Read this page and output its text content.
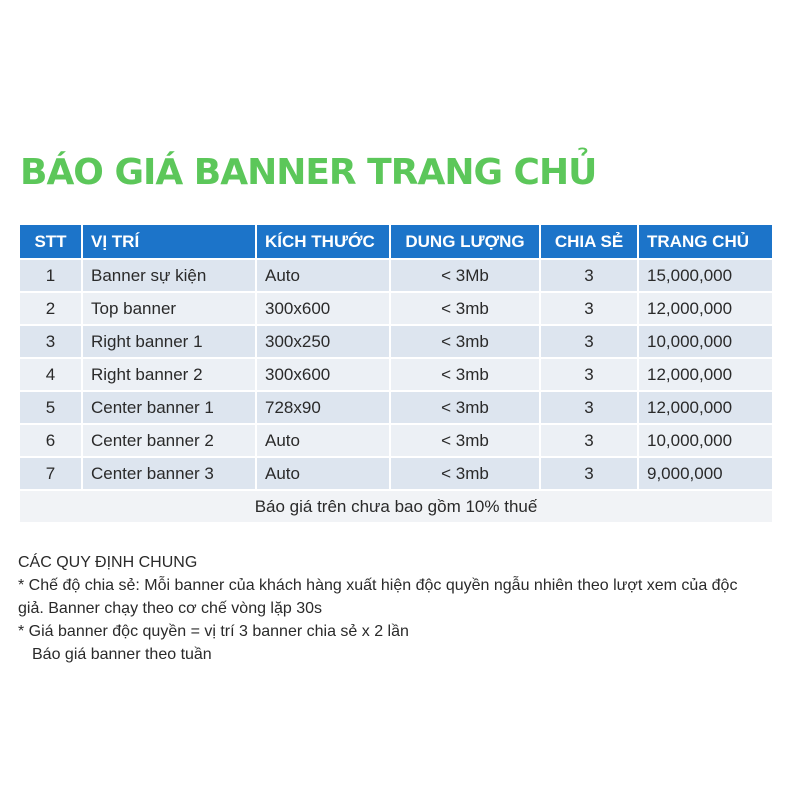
BÁO GIÁ BANNER TRANG CHỦ
STT	VỊ TRÍ	KÍCH THƯỚC	DUNG LƯỢNG	CHIA SẺ	TRANG CHỦ
1	Banner sự kiện	Auto	< 3Mb	3	15,000,000
2	Top banner	300x600	< 3mb	3	12,000,000
3	Right banner 1	300x250	< 3mb	3	10,000,000
4	Right banner 2	300x600	< 3mb	3	12,000,000
5	Center banner 1	728x90	< 3mb	3	12,000,000
6	Center banner 2	Auto	< 3mb	3	10,000,000
7	Center banner 3	Auto	< 3mb	3	9,000,000
Báo giá trên chưa bao gồm 10% thuế					
CÁC QUY ĐỊNH CHUNG
* Chế độ chia sẻ: Mỗi banner của khách hàng xuất hiện độc quyền ngẫu nhiên theo lượt xem của độc
giả. Banner chạy theo cơ chế vòng lặp 30s
* Giá banner độc quyền = vị trí 3 banner chia sẻ x 2 lần
Báo giá banner theo tuần
